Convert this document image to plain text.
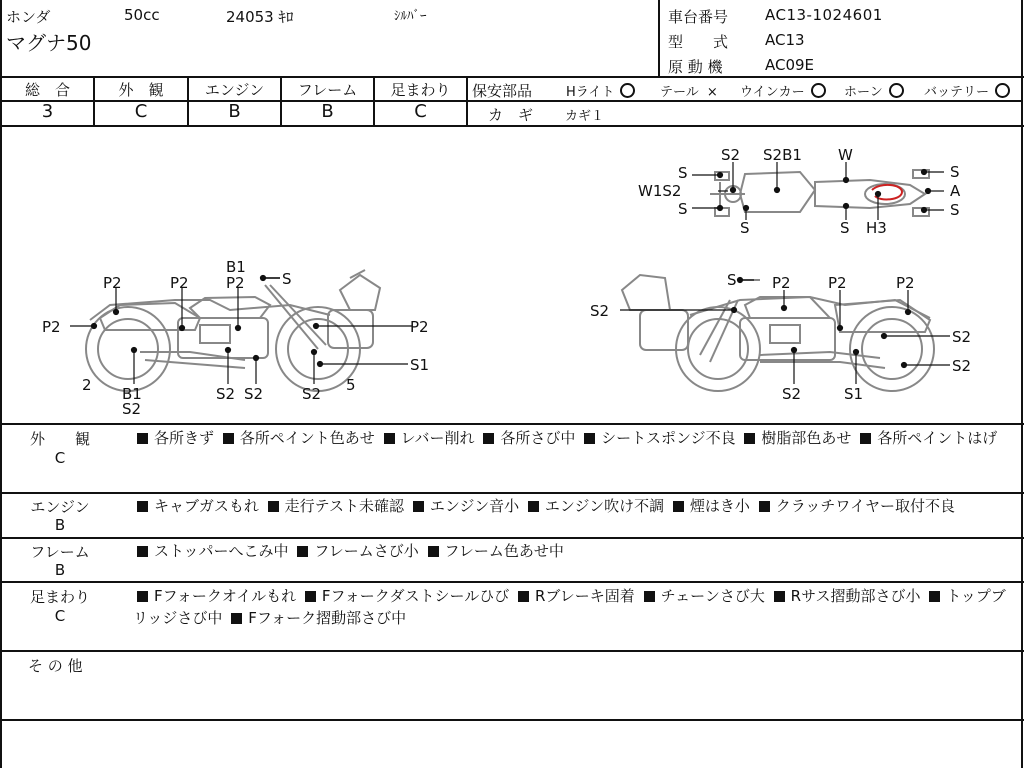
ホンダ	50cc	24053 ｷﾛ	ｼﾙﾊﾞｰ
マグナ50
車台番号 AC13-1024601
型　　式 AC13
原 動 機	AC09E
総　合
3
外　観
C
エンジン
B
フレーム
B
足まわり
C
保安部品	Hライト	テール × ウインカー	ホーン	バッテリー
カ　ギ カギ１
P2	P2
B1
P2 S
P2	P2
S1
2 B1
S2
S2 S2	S2 5
S P2 P2	P2
S2
S2
S2
S2	S1
S2 S2B1 W
S
W1S2
S
S
S
A
S
S H3
外　　観
C
各所きず 各所ペイント色あせ レバー削れ 各所さび中 シートスポンジ不良 樹脂部色あせ 各所ペイントはげ
エンジン
B
キャブガスもれ 走行テスト未確認 エンジン音小 エンジン吹け不調 煙はき小 クラッチワイヤー取付不良
フレーム
B
ストッパーへこみ中 フレームさび小 フレーム色あせ中
足まわり
C
Fフォークオイルもれ Fフォークダストシールひび Rブレーキ固着 チェーンさび大 Rサス摺動部さび小 トップブリッジさび中 Fフォーク摺動部さび中
そ の 他
